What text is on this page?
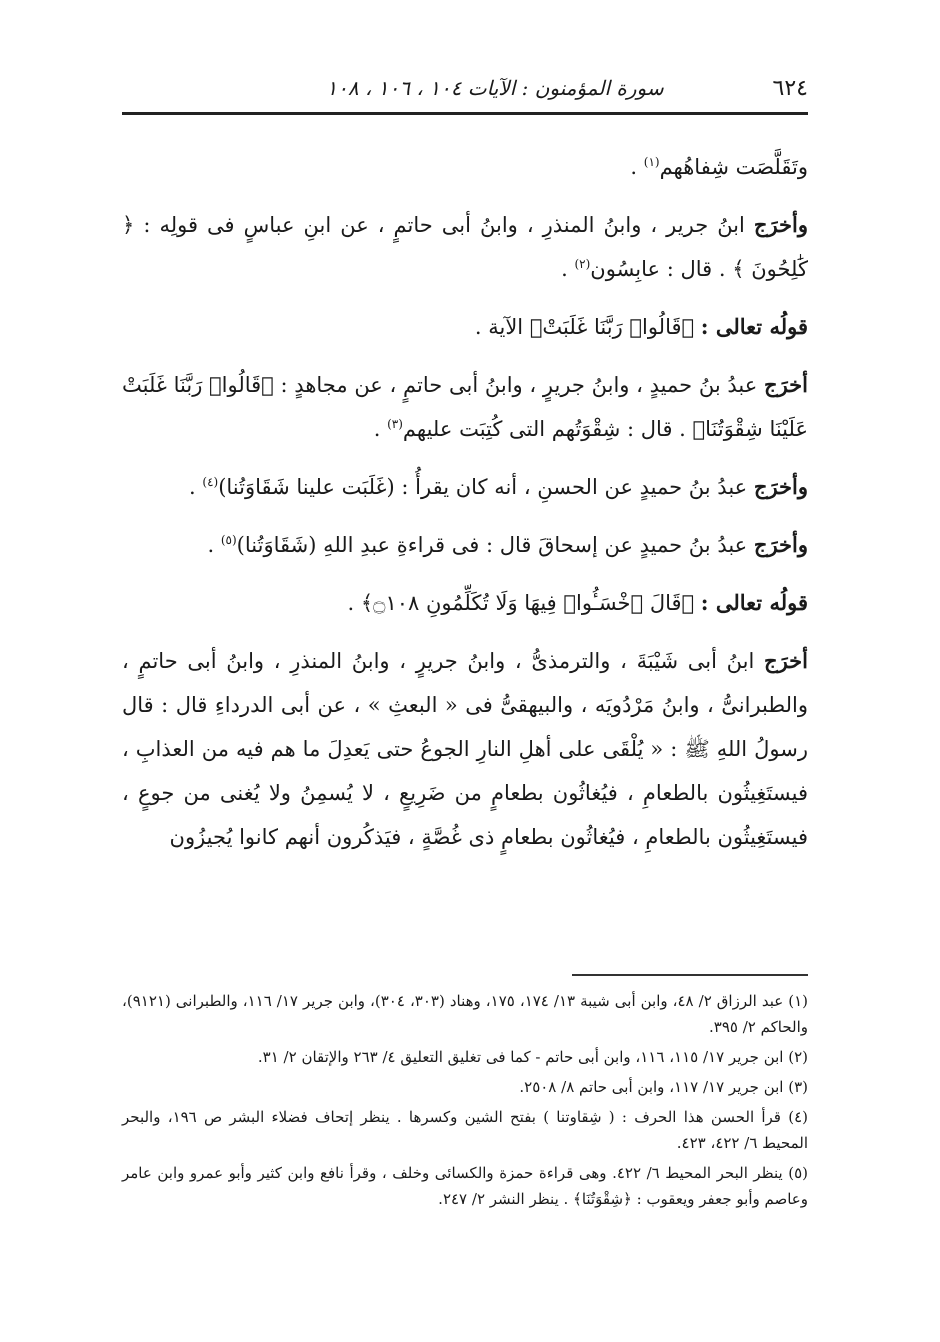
٦٢٤
سورة المؤمنون : الآيات ١٠٤ ، ١٠٦ ، ١٠٨

وتَقَلَّصَت شِفاهُهم$^{(١)}$ .

وأخرَج ابنُ جرير ، وابنُ المنذرِ ، وابنُ أبى حاتمٍ ، عن ابنِ عباسٍ فى قولِه : ﴿ كَٰلِحُونَ ﴾ . قال : عابِسُون$^{(٢)}$ .

قولُه تعالى : ﴿قَالُوا۟ رَبَّنَا غَلَبَتْ﴾ الآية .

أخرَج عبدُ بنُ حميدٍ ، وابنُ جريرٍ ، وابنُ أبى حاتمٍ ، عن مجاهدٍ : ﴿قَالُوا۟ رَبَّنَا غَلَبَتْ عَلَيْنَا شِقْوَتُنَا﴾ . قال : شِقْوَتُهم التى كُتِبَت عليهم$^{(٣)}$ .

وأخرَج عبدُ بنُ حميدٍ عن الحسنِ ، أنه كان يقرأُ : (غَلَبَت علينا شَقَاوَتُنا)$^{(٤)}$ .

وأخرَج عبدُ بنُ حميدٍ عن إسحاقَ قال : فى قراءةِ عبدِ اللهِ (شَقَاوَتُنا)$^{(٥)}$ .

قولُه تعالى : ﴿قَالَ ٱخْسَـُٔوا۟ فِيهَا وَلَا تُكَلِّمُونِ ۝١٠٨﴾ .

أخرَج ابنُ أبى شَيْبَةَ ، والترمذىُّ ، وابنُ جريرٍ ، وابنُ المنذرِ ، وابنُ أبى حاتمٍ ، والطبرانىُّ ، وابنُ مَرْدُويَه ، والبيهقىُّ فى « البعثِ » ، عن أبى الدرداءِ قال : قال رسولُ اللهِ ﷺ : « يُلْقَى على أهلِ النارِ الجوعُ حتى يَعدِلَ ما هم فيه من العذابِ ، فيستَغِيثُون بالطعامِ ، فيُغاثُون بطعامٍ من ضَرِيعٍ ، لا يُسمِنُ ولا يُغنى من جوعٍ ، فيستَغِيثُون بالطعامِ ، فيُغاثُون بطعامٍ ذى غُصَّةٍ ، فيَذكُرون أنهم كانوا يُجيزُون

(١) عبد الرزاق ٢/ ٤٨، وابن أبى شيبة ١٣/ ١٧٤، ١٧٥، وهناد (٣٠٣، ٣٠٤)، وابن جرير ١٧/ ١١٦، والطبرانى (٩١٢١)، والحاكم ٢/ ٣٩٥.

(٢) ابن جرير ١٧/ ١١٥، ١١٦، وابن أبى حاتم - كما فى تغليق التعليق ٤/ ٢٦٣ والإتقان ٢/ ٣١.

(٣) ابن جرير ١٧/ ١١٧، وابن أبى حاتم ٨/ ٢٥٠٨.

(٤) قرأ الحسن هذا الحرف : ( شِقاوتنا ) بفتح الشين وكسرها . ينظر إتحاف فضلاء البشر ص ١٩٦، والبحر المحيط ٦/ ٤٢٢، ٤٢٣.

(٥) ينظر البحر المحيط ٦/ ٤٢٢. وهى قراءة حمزة والكسائى وخلف ، وقرأ نافع وابن كثير وأبو عمرو وابن عامر وعاصم وأبو جعفر ويعقوب : ﴿شِقْوَتُنَا﴾ . ينظر النشر ٢/ ٢٤٧.
